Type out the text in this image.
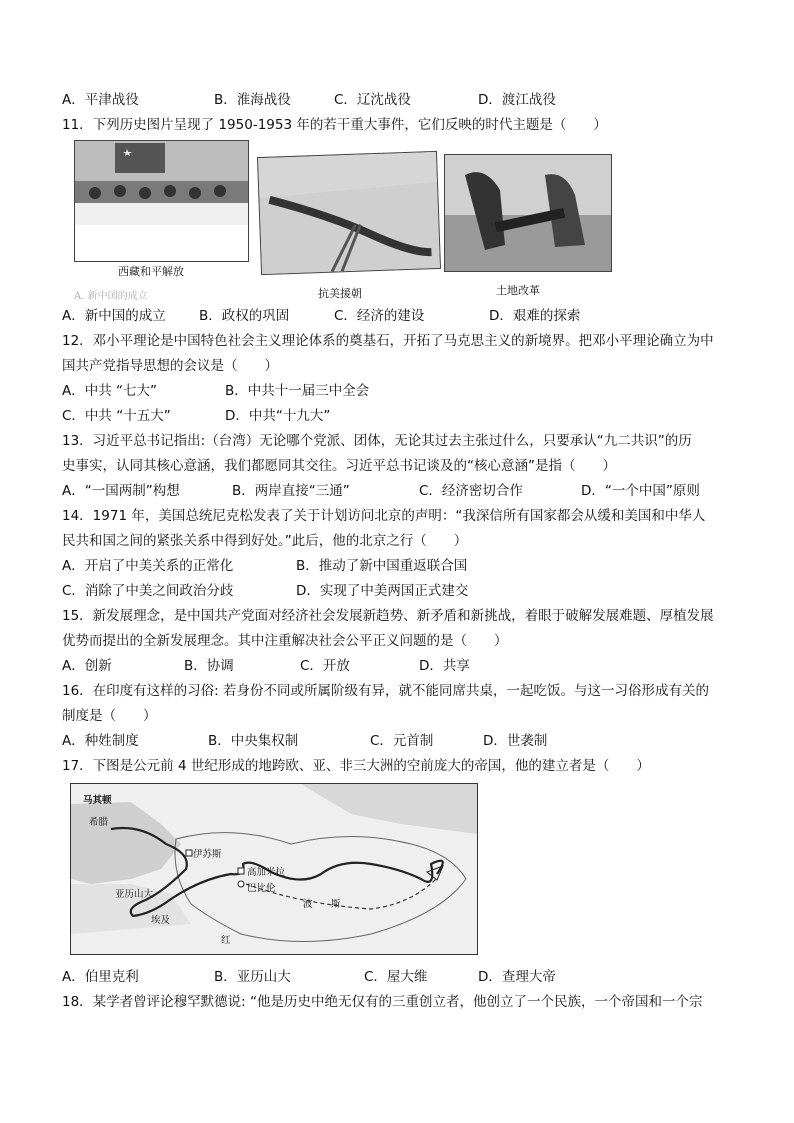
A．平津战役	B．淮海战役	C．辽沈战役	D．渡江战役
11．下列历史图片呈现了 1950-1953 年的若干重大事件，它们反映的时代主题是（　　）
西藏和平解放
A. 新中国的成立	抗美援朝	土地改革
A．新中国的成立 B．政权的巩固	C．经济的建设	D．艰难的探索
12．邓小平理论是中国特色社会主义理论体系的奠基石，开拓了马克思主义的新境界。把邓小平理论确立为中
国共产党指导思想的会议是（　　）
A．中共 “七大”	B．中共十一届三中全会
C．中共 “十五大”	D．中共“十九大”
13．习近平总书记指出:（台湾）无论哪个党派、团体，无论其过去主张过什么，只要承认“九二共识”的历
史事实，认同其核心意涵，我们都愿同其交往。习近平总书记谈及的“核心意涵”是指（　　）
A．“一国两制”构想	B．两岸直接“三通”	C．经济密切合作	D．“一个中国”原则
14．1971 年，美国总统尼克松发表了关于计划访问北京的声明：“我深信所有国家都会从缓和美国和中华人
民共和国之间的紧张关系中得到好处。”此后，他的北京之行（　　）
A．开启了中美关系的正常化	B．推动了新中国重返联合国
C．消除了中美之间政治分歧	D．实现了中美两国正式建交
15．新发展理念，是中国共产党面对经济社会发展新趋势、新矛盾和新挑战，着眼于破解发展难题、厚植发展
优势而提出的全新发展理念。其中注重解决社会公平正义问题的是（　　）
A．创新	B．协调	C．开放	D．共享
16．在印度有这样的习俗: 若身份不同或所属阶级有异，就不能同席共桌，一起吃饭。与这一习俗形成有关的
制度是（　　）
A．种姓制度	B．中央集权制	C．元首制	D．世袭制
17．下图是公元前 4 世纪形成的地跨欧、亚、非三大洲的空前庞大的帝国，他的建立者是（　　）
马其顿
希腊
伊苏斯
高加米拉
巴比伦
亚历山大
埃及
波 斯
红
A．伯里克利	B．亚历山大	C．屋大维	D．查理大帝
18．某学者曾评论穆罕默德说: “他是历史中绝无仅有的三重创立者，他创立了一个民族，一个帝国和一个宗
